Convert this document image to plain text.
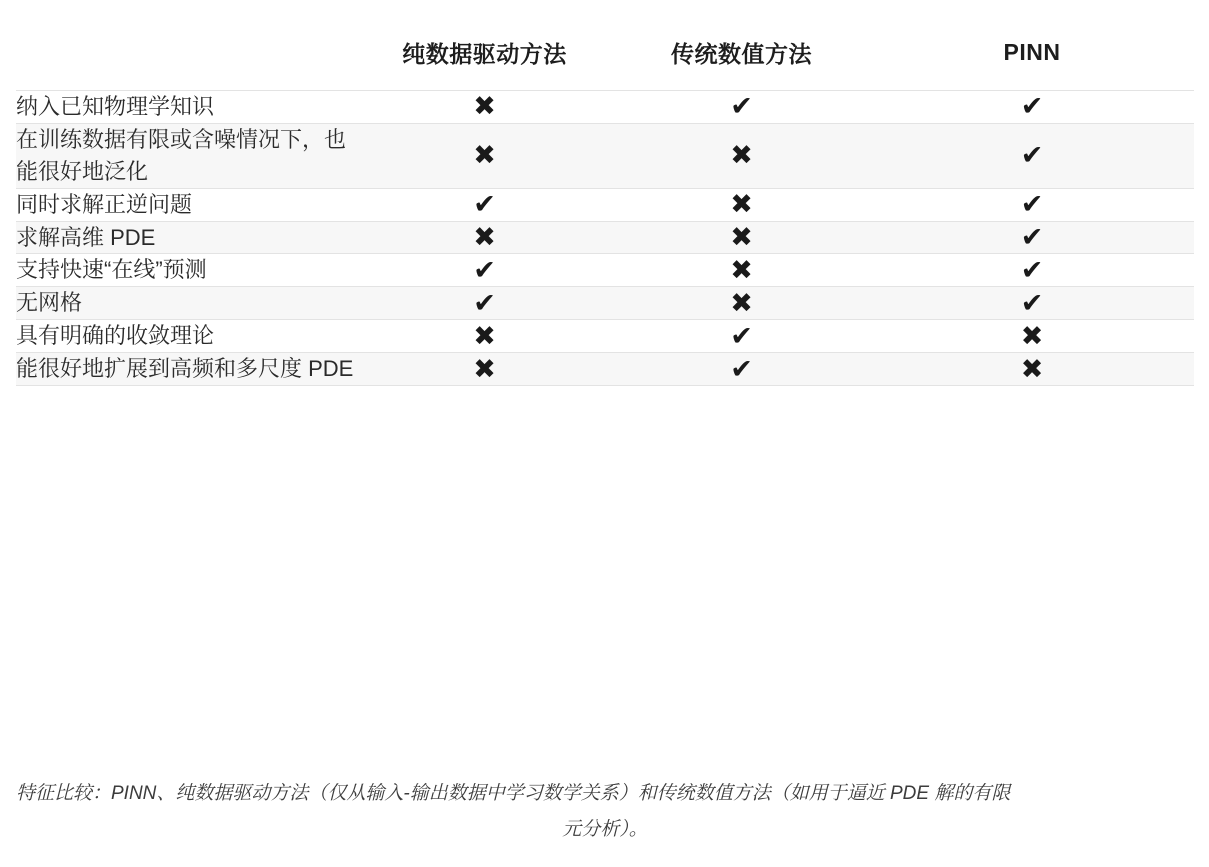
	纯数据驱动方法	传统数值方法	PINN
纳入已知物理学知识	✖	✔	✔
在训练数据有限或含噪情况下，也能很好地泛化	✖	✖	✔
同时求解正逆问题	✔	✖	✔
求解高维 PDE	✖	✖	✔
支持快速“在线”预测	✔	✖	✔
无网格	✔	✖	✔
具有明确的收敛理论	✖	✔	✖
能很好地扩展到高频和多尺度 PDE	✖	✔	✖
特征比较：PINN、纯数据驱动方法（仅从输入-输出数据中学习数学关系）和传统数值方法（如用于逼近 PDE 解的有限
元分析）。
